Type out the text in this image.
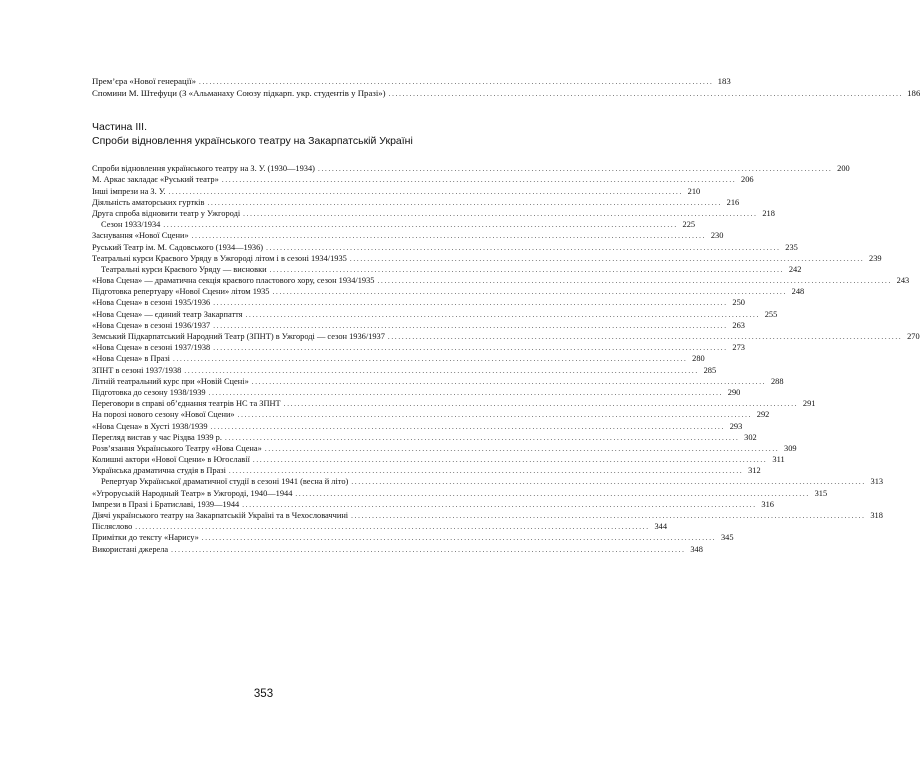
Прем’єра «Нової генерації» . . .	183
Спомини М. Штефуци (З «Альманаху Союзу підкарп. укр. студентів у Празі») . . .	186
Частина III.
Спроби відновлення українського театру на Закарпатській Україні
Спроби відновлення українського театру на З. У. (1930—1934) . . .	200
М. Аркас закладає «Руський театр» . . .	206
Інші імпрези на З. У. . . .	210
Діяльність аматорських гуртків . . .	216
Друга спроба відновити театр у Ужгороді . . .	218
Сезон 1933/1934 . . .	225
Заснування «Нової Сцени» . . .	230
Руський Театр ім. М. Садовського (1934—1936) . . .	235
Театральні курси Краєвого Уряду в Ужгороді літом і в сезоні 1934/1935 . . .	239
Театральні курси Краєвого Уряду — висновки . . .	242
«Нова Сцена» — драматична секція краєвого пластового хору, сезон 1934/1935 . . .	243
Підготовка репертуару «Нової Сцени» літом 1935 . . .	248
«Нова Сцена» в сезоні 1935/1936 . . .	250
«Нова Сцена» — єдиний театр Закарпаття . . .	255
«Нова Сцена» в сезоні 1936/1937 . . .	263
Земський Підкарпатський Народний Театр (ЗПНТ) в Ужгороді — сезон 1936/1937 . . .	270
«Нова Сцена» в сезоні 1937/1938 . . .	273
«Нова Сцена» в Празі . . .	280
ЗПНТ в сезоні 1937/1938 . . .	285
Літній театральний курс при «Новій Сцені» . . .	288
Підготовка до сезону 1938/1939 . . .	290
Переговори в справі об’єднання театрів НС та ЗПНТ . . .	291
На порозі нового сезону «Нової Сцени» . . .	292
«Нова Сцена» в Хусті 1938/1939 . . .	293
Перегляд вистав у час Різдва 1939 р. . . .	302
Розв’язання Українського Театру «Нова Сцена» . . .	309
Колишні актори «Нової Сцени» в Югославії . . .	311
Українська драматична студія в Празі . . .	312
Репертуар Української драматичної студії в сезоні 1941 (весна й літо) . . .	313
«Угроруській Народный Театр» в Ужгороді, 1940—1944 . . .	315
Імпрези в Празі і Братиславі, 1939—1944 . . .	316
Діячі українського театру на Закарпатській Україні та в Чехословаччині . . .	318
Післяслово . . .	344
Примітки до тексту «Нарису» . . .	345
Використані джерела . . .	348
353
